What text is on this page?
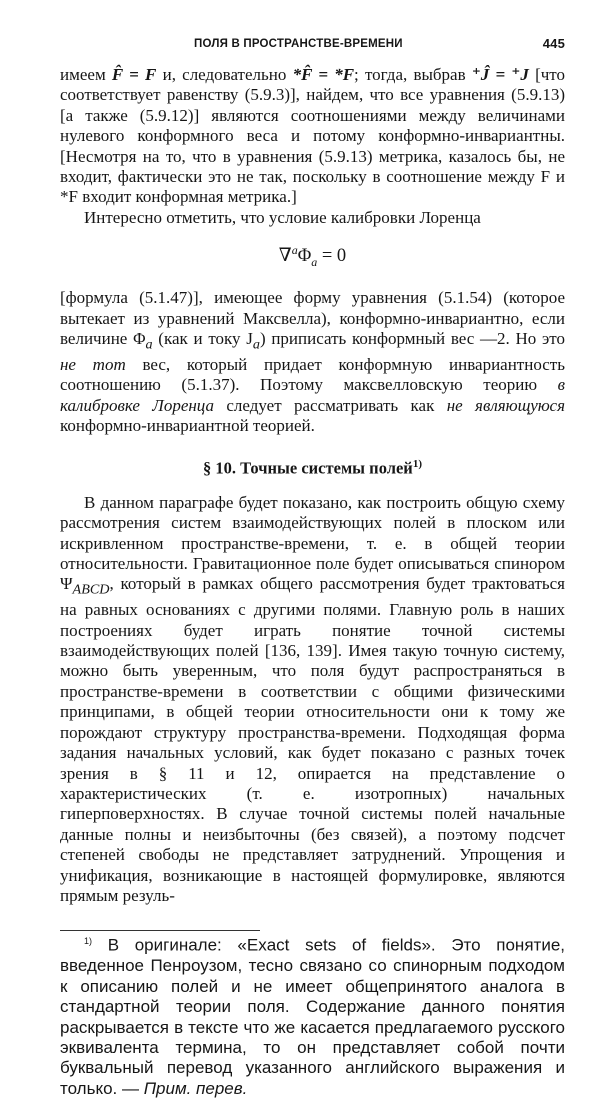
ПОЛЯ В ПРОСТРАНСТВЕ-ВРЕМЕНИ	445

имеем F̂ = F и, следовательно *F̂ = *F; тогда, выбрав ⁺Ĵ = ⁺J [что соответствует равенству (5.9.3)], найдем, что все уравнения (5.9.13) [а также (5.9.12)] являются соотношениями между величинами нулевого конформного веса и потому конформно-инвариантны. [Несмотря на то, что в уравнения (5.9.13) метрика, казалось бы, не входит, фактически это не так, поскольку в соотношение между F и *F входит конформная метрика.]

Интересно отметить, что условие калибровки Лоренца

$\nabla^a\Phi_a = 0$

[формула (5.1.47)], имеющее форму уравнения (5.1.54) (которое вытекает из уравнений Максвелла), конформно-инвариантно, если величине $\Phi_a$ (как и току $J_a$) приписать конформный вес —2. Но это не тот вес, который придает конформную инвариантность соотношению (5.1.37). Поэтому максвелловскую теорию в калибровке Лоренца следует рассматривать как не являющуюся конформно-инвариантной теорией.

§ 10. Точные системы полей$^{1)}$

В данном параграфе будет показано, как построить общую схему рассмотрения систем взаимодействующих полей в плоском или искривленном пространстве-времени, т. е. в общей теории относительности. Гравитационное поле будет описываться спинором $\Psi_{ABCD}$, который в рамках общего рассмотрения будет трактоваться на равных основаниях с другими полями. Главную роль в наших построениях будет играть понятие точной системы взаимодействующих полей [136, 139]. Имея такую точную систему, можно быть уверенным, что поля будут распространяться в пространстве-времени в соответствии с общими физическими принципами, в общей теории относительности они к тому же порождают структуру пространства-времени. Подходящая форма задания начальных условий, как будет показано с разных точек зрения в § 11 и 12, опирается на представление о характеристических (т. е. изотропных) начальных гиперповерхностях. В случае точной системы полей начальные данные полны и неизбыточны (без связей), а поэтому подсчет степеней свободы не представляет затруднений. Упрощения и унификация, возникающие в настоящей формулировке, являются прямым резуль-

$^{1)}$ В оригинале: «Exact sets of fields». Это понятие, введенное Пенроузом, тесно связано со спинорным подходом к описанию полей и не имеет общепринятого аналога в стандартной теории поля. Содержание данного понятия раскрывается в тексте что же касается предлагаемого русского эквивалента термина, то он представляет собой почти буквальный перевод указанного английского выражения и только. — Прим. перев.
